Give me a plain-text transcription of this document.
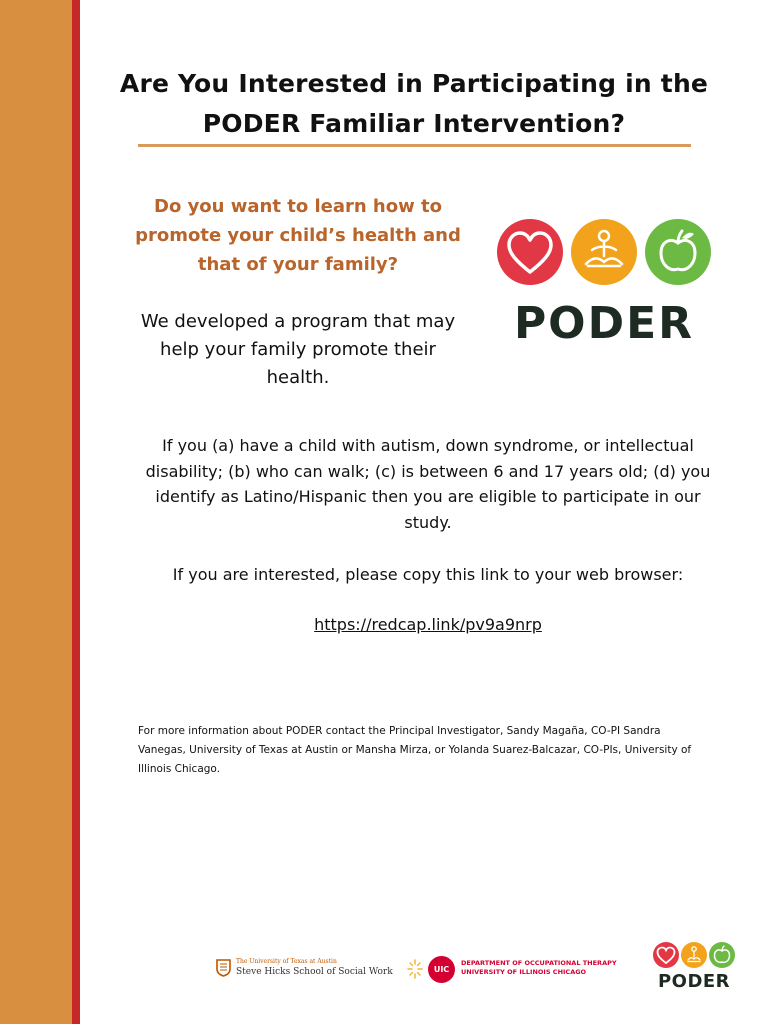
Are You Interested in Participating in the PODER Familiar Intervention?

Do you want to learn how to promote your child’s health and that of your family?

We developed a program that may help your family promote their health.

PODER

If you (a) have a child with autism, down syndrome, or intellectual disability; (b) who can walk; (c) is between 6 and 17 years old; (d) you identify as Latino/Hispanic then you are eligible to participate in our study.

If you are interested, please copy this link to your web browser:

https://redcap.link/pv9a9nrp

For more information about PODER contact the Principal Investigator, Sandy Magaña, CO-PI Sandra Vanegas, University of Texas at Austin or Mansha Mirza, or Yolanda Suarez-Balcazar, CO-PIs, University of Illinois Chicago.

The University of Texas at Austin
Steve Hicks School of Social Work	UIC
DEPARTMENT OF OCCUPATIONAL THERAPY
UNIVERSITY OF ILLINOIS CHICAGO	PODER
